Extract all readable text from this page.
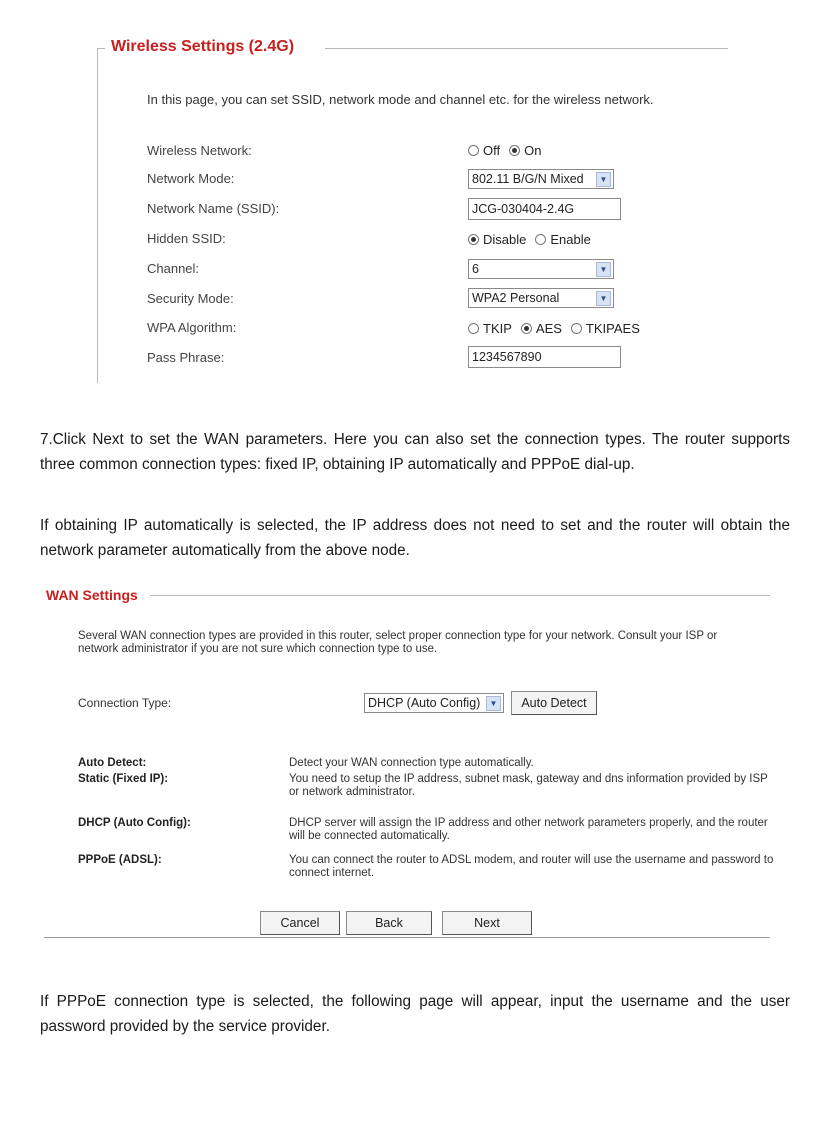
Wireless Settings (2.4G)
In this page, you can set SSID, network mode and channel etc. for the wireless network.
Wireless Network:	Off On
Network Mode:	802.11 B/G/N Mixed	▼
Network Name (SSID):	JCG-030404-2.4G
Hidden SSID:	Disable Enable
Channel:	6	▼
Security Mode:	WPA2 Personal	▼
WPA Algorithm:	TKIP AES TKIPAES
Pass Phrase:	1234567890
7.Click Next to set the WAN parameters. Here you can also set the connection types. The router supports three common connection types: fixed IP, obtaining IP automatically and PPPoE dial-up.
If obtaining IP automatically is selected, the IP address does not need to set and the router will obtain the network parameter automatically from the above node.
WAN Settings
Several WAN connection types are provided in this router, select proper connection type for your network. Consult your ISP or
network administrator if you are not sure which connection type to use.
Connection Type:	DHCP (Auto Config)	▼	Auto Detect
Auto Detect:	Detect your WAN connection type automatically.
Static (Fixed IP):	You need to setup the IP address, subnet mask, gateway and dns information provided by ISP or network administrator.
DHCP (Auto Config):	DHCP server will assign the IP address and other network parameters properly, and the router will be connected automatically.
PPPoE (ADSL):	You can connect the router to ADSL modem, and router will use the username and password to connect internet.
Cancel	Back	Next
If PPPoE connection type is selected, the following page will appear, input the username and the user password provided by the service provider.
